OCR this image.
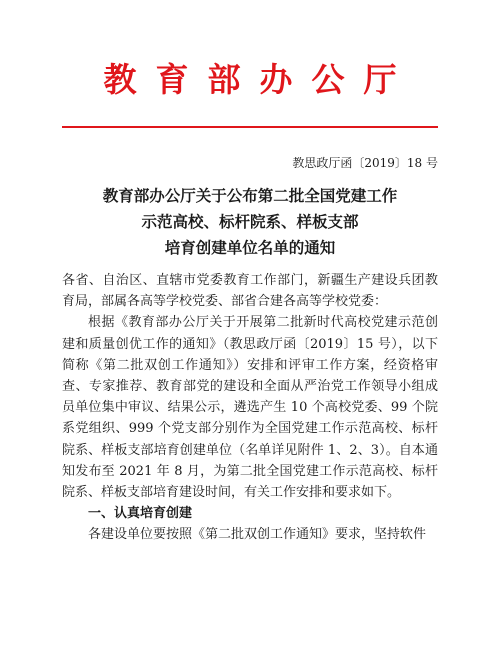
教育部办公厅
教思政厅函〔2019〕18 号
教育部办公厅关于公布第二批全国党建工作
示范高校、标杆院系、样板支部
培育创建单位名单的通知

各省、自治区、直辖市党委教育工作部门，新疆生产建设兵团教育局，部属各高等学校党委、部省合建各高等学校党委：

根据《教育部办公厅关于开展第二批新时代高校党建示范创建和质量创优工作的通知》（教思政厅函〔2019〕15 号），以下简称《第二批双创工作通知》）安排和评审工作方案，经资格审查、专家推荐、教育部党的建设和全面从严治党工作领导小组成员单位集中审议、结果公示，遴选产生 10 个高校党委、99 个院系党组织、999 个党支部分别作为全国党建工作示范高校、标杆院系、样板支部培育创建单位（名单详见附件 1、2、3）。自本通知发布至 2021 年 8 月，为第二批全国党建工作示范高校、标杆院系、样板支部培育建设时间，有关工作安排和要求如下。

一、认真培育创建

各建设单位要按照《第二批双创工作通知》要求，坚持软件
